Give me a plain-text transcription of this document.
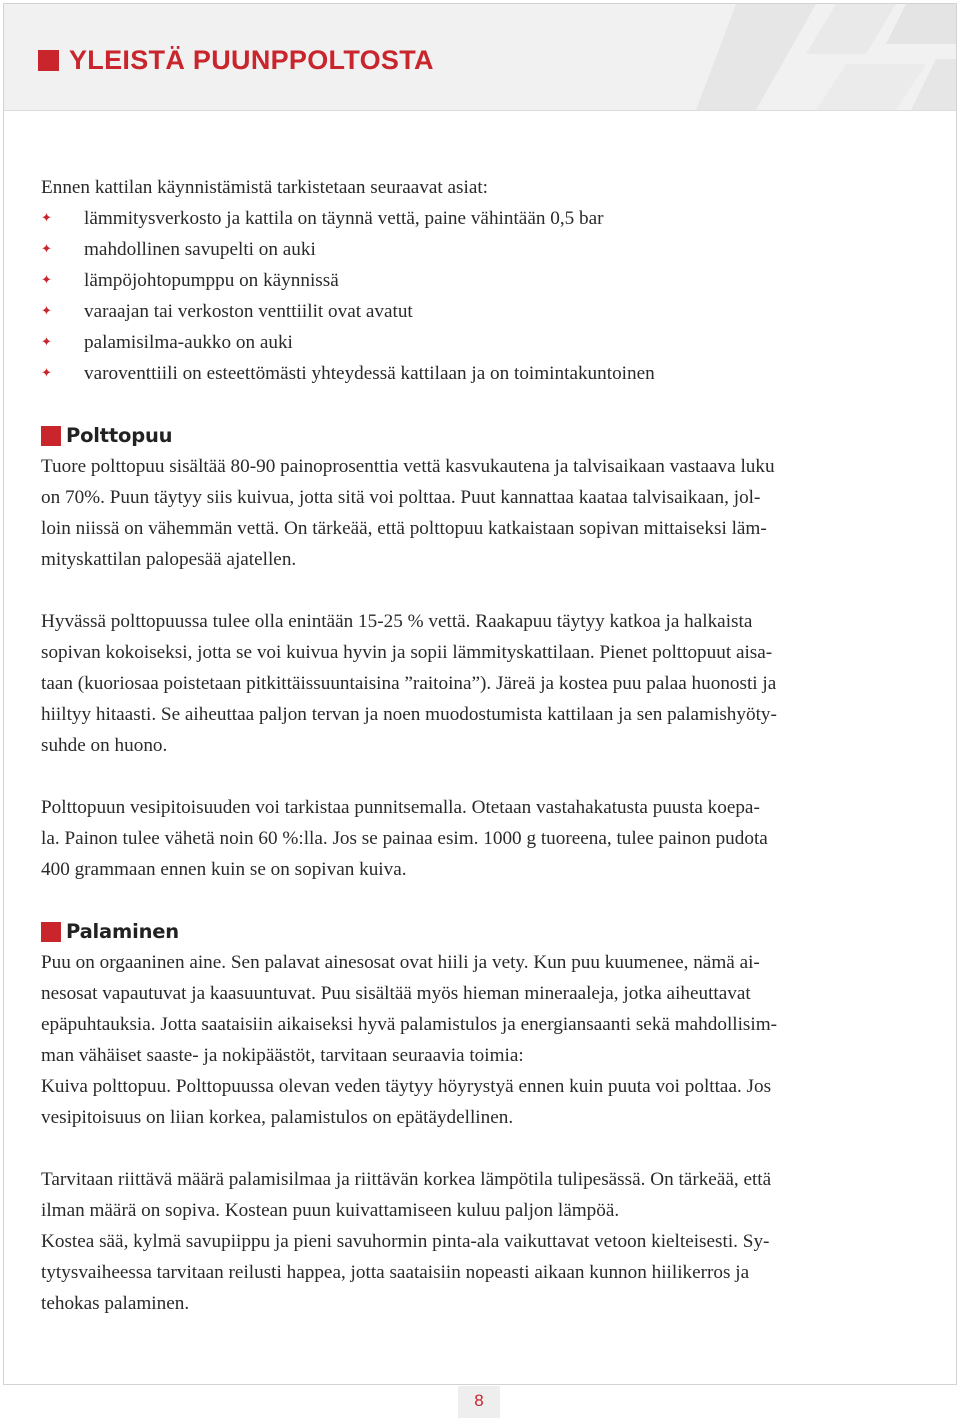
YLEISTÄ PUUNPPOLTOSTA

Ennen kattilan käynnistämistä tarkistetaan seuraavat asiat:

✦ lämmitysverkosto ja kattila on täynnä vettä, paine vähintään 0,5 bar
✦ mahdollinen savupelti on auki
✦ lämpöjohtopumppu on käynnissä
✦ varaajan tai verkoston venttiilit ovat avatut
✦ palamisilma-aukko on auki
✦ varoventtiili on esteettömästi yhteydessä kattilaan ja on toimintakuntoinen
Polttopuu

Tuore polttopuu sisältää 80-90 painoprosenttia vettä kasvukautena ja talvisaikaan vastaava luku
on 70%. Puun täytyy siis kuivua, jotta sitä voi polttaa. Puut kannattaa kaataa talvisaikaan, jol-
loin niissä on vähemmän vettä. On tärkeää, että polttopuu katkaistaan sopivan mittaiseksi läm-
mityskattilan palopesää ajatellen.

Hyvässä polttopuussa tulee olla enintään 15-25 % vettä. Raakapuu täytyy katkoa ja halkaista
sopivan kokoiseksi, jotta se voi kuivua hyvin ja sopii lämmityskattilaan. Pienet polttopuut aisa-
taan (kuoriosaa poistetaan pitkittäissuuntaisina ”raitoina”). Järeä ja kostea puu palaa huonosti ja
hiiltyy hitaasti. Se aiheuttaa paljon tervan ja noen muodostumista kattilaan ja sen palamishyöty-
suhde on huono.

Polttopuun vesipitoisuuden voi tarkistaa punnitsemalla. Otetaan vastahakatusta puusta koepa-
la. Painon tulee vähetä noin 60 %:lla. Jos se painaa esim. 1000 g tuoreena, tulee painon pudota
400 grammaan ennen kuin se on sopivan kuiva.

Palaminen

Puu on orgaaninen aine. Sen palavat ainesosat ovat hiili ja vety. Kun puu kuumenee, nämä ai-
nesosat vapautuvat ja kaasuuntuvat. Puu sisältää myös hieman mineraaleja, jotka aiheuttavat
epäpuhtauksia. Jotta saataisiin aikaiseksi hyvä palamistulos ja energiansaanti sekä mahdollisim-
man vähäiset saaste- ja nokipäästöt, tarvitaan seuraavia toimia:
Kuiva polttopuu. Polttopuussa olevan veden täytyy höyrystyä ennen kuin puuta voi polttaa. Jos
vesipitoisuus on liian korkea, palamistulos on epätäydellinen.

Tarvitaan riittävä määrä palamisilmaa ja riittävän korkea lämpötila tulipesässä. On tärkeää, että
ilman määrä on sopiva. Kostean puun kuivattamiseen kuluu paljon lämpöä.
Kostea sää, kylmä savupiippu ja pieni savuhormin pinta-ala vaikuttavat vetoon kielteisesti. Sy-
tytysvaiheessa tarvitaan reilusti happea, jotta saataisiin nopeasti aikaan kunnon hiilikerros ja
tehokas palaminen.

8
